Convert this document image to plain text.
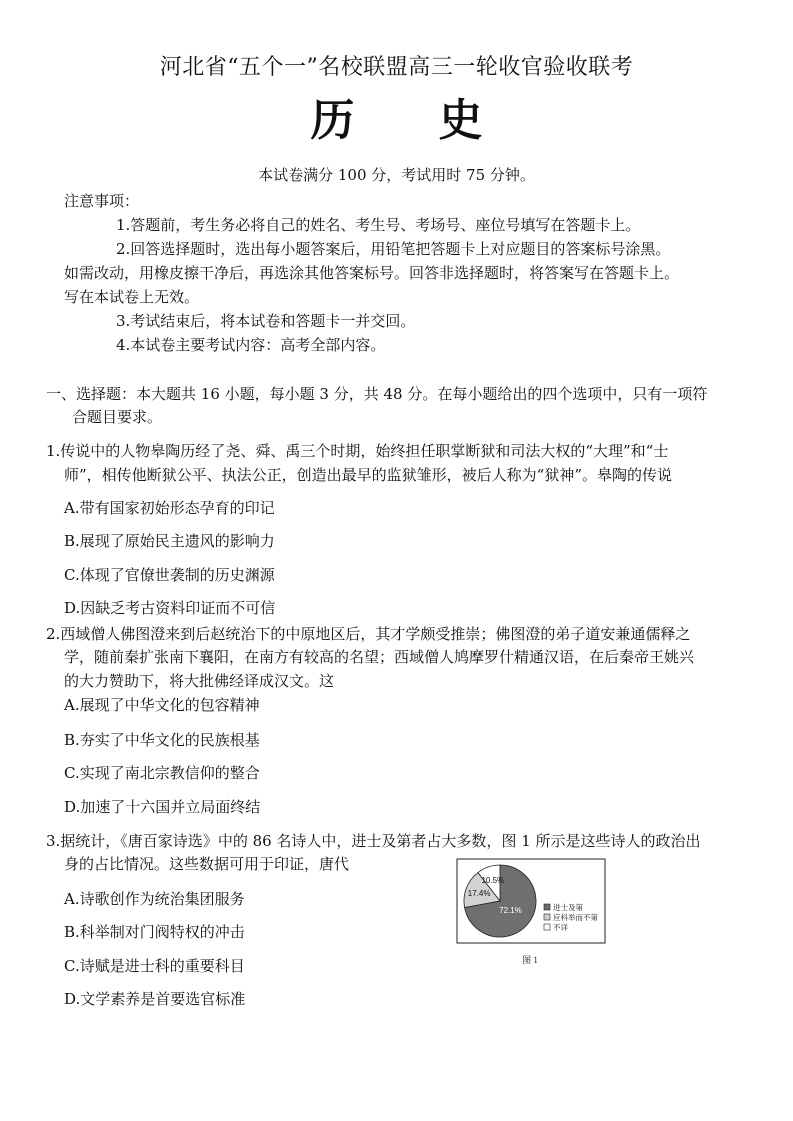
河北省“五个一”名校联盟高三一轮收官验收联考
历 史
本试卷满分 100 分，考试用时 75 分钟。
注意事项：
1.答题前，考生务必将自己的姓名、考生号、考场号、座位号填写在答题卡上。
2.回答选择题时，选出每小题答案后，用铅笔把答题卡上对应题目的答案标号涂黑。
如需改动，用橡皮擦干净后，再选涂其他答案标号。回答非选择题时，将答案写在答题卡上。
写在本试卷上无效。
3.考试结束后，将本试卷和答题卡一并交回。
4.本试卷主要考试内容：高考全部内容。
一、选择题：本大题共 16 小题，每小题 3 分，共 48 分。在每小题给出的四个选项中，只有一项符
合题目要求。
1.传说中的人物皋陶历经了尧、舜、禹三个时期，始终担任职掌断狱和司法大权的“大理”和“士
师”，相传他断狱公平、执法公正，创造出最早的监狱雏形，被后人称为“狱神”。皋陶的传说
A.带有国家初始形态孕育的印记
B.展现了原始民主遗风的影响力
C.体现了官僚世袭制的历史渊源
D.因缺乏考古资料印证而不可信
2.西域僧人佛图澄来到后赵统治下的中原地区后，其才学颇受推崇；佛图澄的弟子道安兼通儒释之
学，随前秦扩张南下襄阳，在南方有较高的名望；西域僧人鸠摩罗什精通汉语，在后秦帝王姚兴
的大力赞助下，将大批佛经译成汉文。这
A.展现了中华文化的包容精神
B.夯实了中华文化的民族根基
C.实现了南北宗教信仰的整合
D.加速了十六国并立局面终结
3.据统计，《唐百家诗选》中的 86 名诗人中，进士及第者占大多数，图 1 所示是这些诗人的政治出
身的占比情况。这些数据可用于印证，唐代
A.诗歌创作为统治集团服务
B.科举制对门阀特权的冲击
C.诗赋是进士科的重要科目
D.文学素养是首要选官标准
72.1%
17.4%
10.5%
进士及第
应科举而不第
不详
图 1
